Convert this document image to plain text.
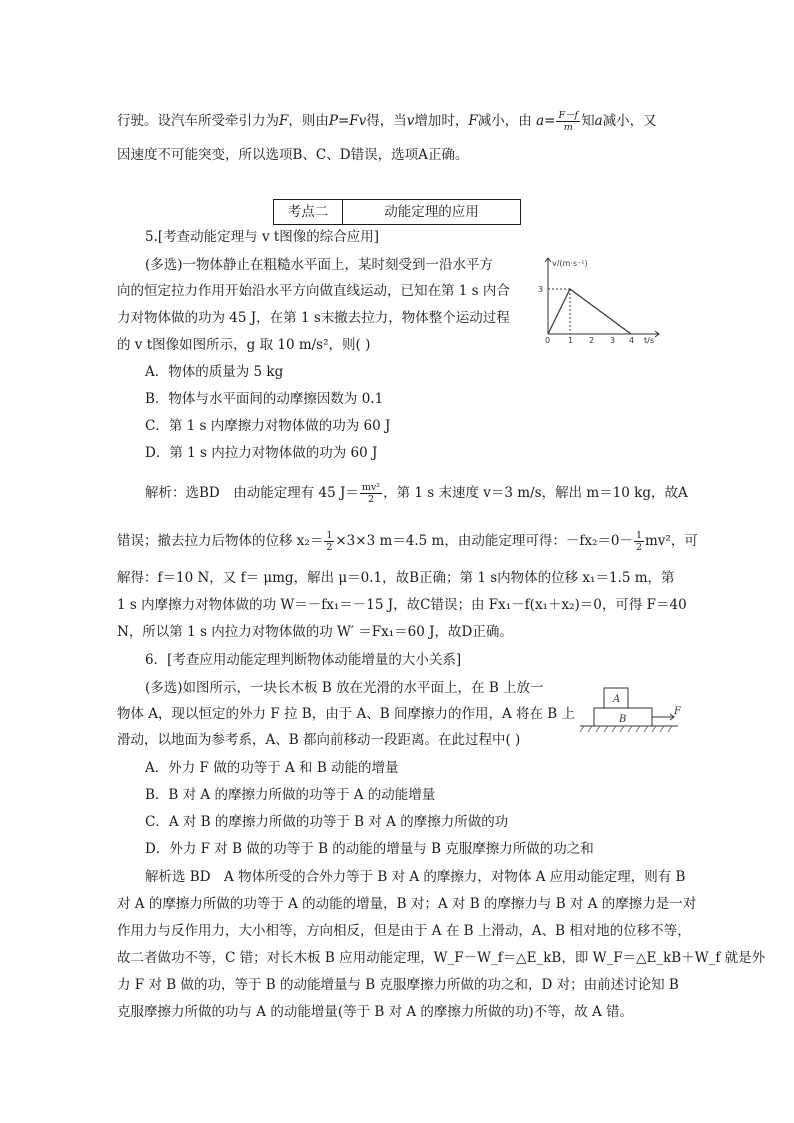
行驶。设汽车所受牵引力为F，则由P=Fv得，当v增加时，F减小，由 $a= \frac{F-f}{m}$ 知a减小，又
因速度不可能突变，所以选项B、C、D错误，选项A正确。
考点二	动能定理的应用
5.[考查动能定理与 v t图像的综合应用]
(多选)一物体静止在粗糙水平面上，某时刻受到一沿水平方
向的恒定拉力作用开始沿水平方向做直线运动，已知在第 1 s 内合
力对物体做的功为 45 J，在第 1 s末撤去拉力，物体整个运动过程
的 v t图像如图所示，g 取 10 m/s²，则( )
v/(m·s⁻¹)
3
0 1 2 3 4 t/s
A．物体的质量为 5 kg
B．物体与水平面间的动摩擦因数为 0.1
C．第 1 s 内摩擦力对物体做的功为 60 J
D．第 1 s 内拉力对物体做的功为 60 J
解析：选BD　由动能定理有 45 $J= \frac{\text{mv²}}{2}$ ，第 1 s 末速度 v＝3 m/s，解出 m＝10 kg，故A
错误；撤去拉力后物体的位移 $x_2= \frac{1}{2} \times 3\times 3$ m＝4.5 m，由动能定理可得：$-fx_2=0- \frac{1}{2} mv^2$，可
解得：f＝10 N，又 f＝ μmg，解出 μ＝0.1，故B正确；第 1 s内物体的位移 x₁＝1.5 m，第
1 s 内摩擦力对物体做的功 W＝－fx₁＝－15 J，故C错误；由 Fx₁－f(x₁＋x₂)＝0，可得 F＝40
N，所以第 1 s 内拉力对物体做的功 W′ ＝Fx₁＝60 J，故D正确。
6．[考查应用动能定理判断物体动能增量的大小关系]
(多选)如图所示，一块长木板 B 放在光滑的水平面上，在 B 上放一
物体 A，现以恒定的外力 F 拉 B，由于 A、B 间摩擦力的作用，A 将在 B 上
滑动，以地面为参考系，A、B 都向前移动一段距离。在此过程中( )
A
B
F
A．外力 F 做的功等于 A 和 B 动能的增量
B．B 对 A 的摩擦力所做的功等于 A 的动能增量
C．A 对 B 的摩擦力所做的功等于 B 对 A 的摩擦力所做的功
D．外力 F 对 B 做的功等于 B 的动能的增量与 B 克服摩擦力所做的功之和
解析选 BD　A 物体所受的合外力等于 B 对 A 的摩擦力，对物体 A 应用动能定理，则有 B
对 A 的摩擦力所做的功等于 A 的动能的增量，B 对；A 对 B 的摩擦力与 B 对 A 的摩擦力是一对
作用力与反作用力，大小相等，方向相反，但是由于 A 在 B 上滑动，A、B 相对地的位移不等，
故二者做功不等，C 错；对长木板 B 应用动能定理，W_F－W_f＝△E_kB，即 W_F＝△E_kB＋W_f 就是外
力 F 对 B 做的功，等于 B 的动能增量与 B 克服摩擦力所做的功之和，D 对；由前述讨论知 B
克服摩擦力所做的功与 A 的动能增量(等于 B 对 A 的摩擦力所做的功)不等，故 A 错。
